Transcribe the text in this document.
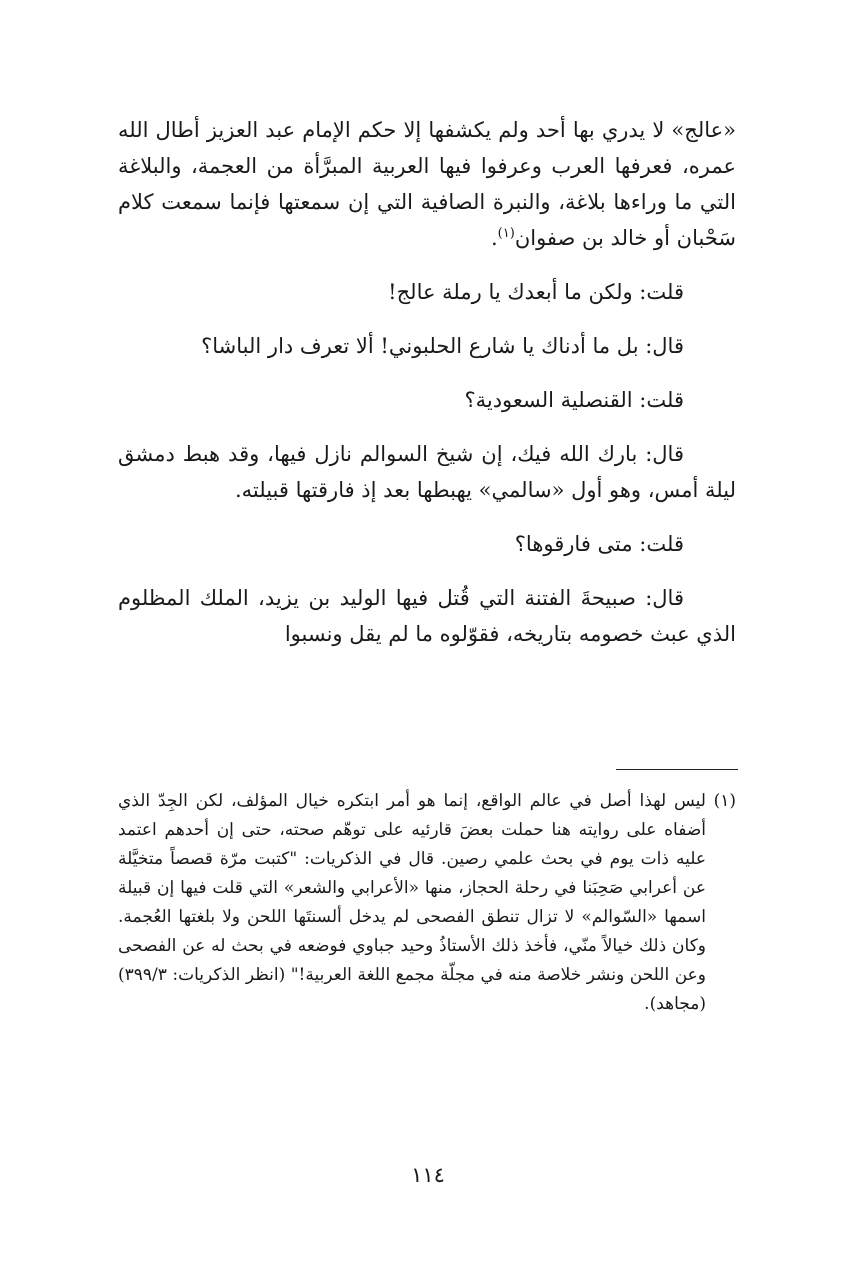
«عالج» لا يدري بها أحد ولم يكشفها إلا حكم الإمام عبد العزيز أطال الله عمره، فعرفها العرب وعرفوا فيها العربية المبرَّأة من العجمة، والبلاغة التي ما وراءها بلاغة، والنبرة الصافية التي إن سمعتها فإنما سمعت كلام سَحْبان أو خالد بن صفوان$^{(١)}$.

قلت: ولكن ما أبعدك يا رملة عالج!

قال: بل ما أدناك يا شارع الحلبوني! ألا تعرف دار الباشا؟

قلت: القنصلية السعودية؟

قال: بارك الله فيك، إن شيخ السوالم نازل فيها، وقد هبط دمشق ليلة أمس، وهو أول «سالمي» يهبطها بعد إذ فارقتها قبيلته.

قلت: متى فارقوها؟

قال: صبيحةَ الفتنة التي قُتل فيها الوليد بن يزيد، الملك المظلوم الذي عبث خصومه بتاريخه، فقوّلوه ما لم يقل ونسبوا

(١)
ليس لهذا أصل في عالم الواقع، إنما هو أمر ابتكره خيال المؤلف، لكن الجِدّ الذي أضفاه على روايته هنا حملت بعضَ قارئيه على توهّم صحته، حتى إن أحدهم اعتمد عليه ذات يوم في بحث علمي رصين. قال في الذكريات: "كتبت مرّة قصصاً متخيَّلة عن أعرابي صَحِبَنا في رحلة الحجاز، منها «الأعرابي والشعر» التي قلت فيها إن قبيلة اسمها «السّوالم» لا تزال تنطق الفصحى لم يدخل ألسنتَها اللحن ولا بلغتها العُجمة. وكان ذلك خيالاً منّي، فأخذ ذلك الأستاذُ وحيد جباوي فوضعه في بحث له عن الفصحى وعن اللحن ونشر خلاصة منه في مجلّة مجمع اللغة العربية!" (انظر الذكريات: ٣٩٩/٣) (مجاهد).

١١٤
